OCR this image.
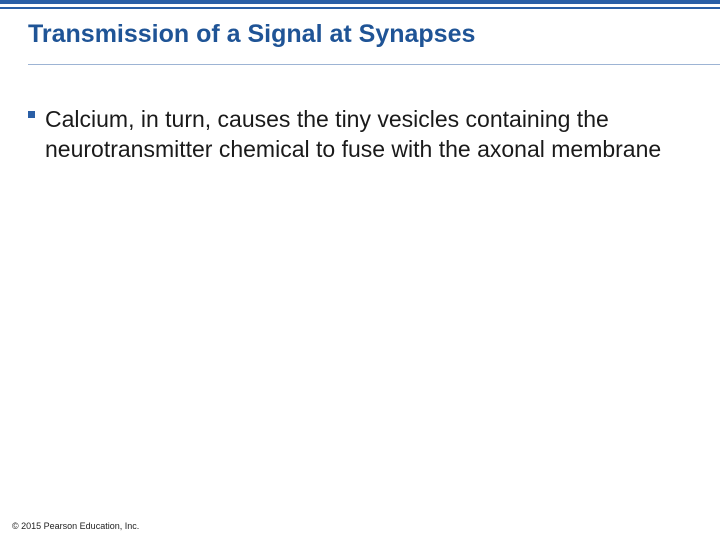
Transmission of a Signal at Synapses
Calcium, in turn, causes the tiny vesicles containing the neurotransmitter chemical to fuse with the axonal membrane
© 2015 Pearson Education, Inc.
